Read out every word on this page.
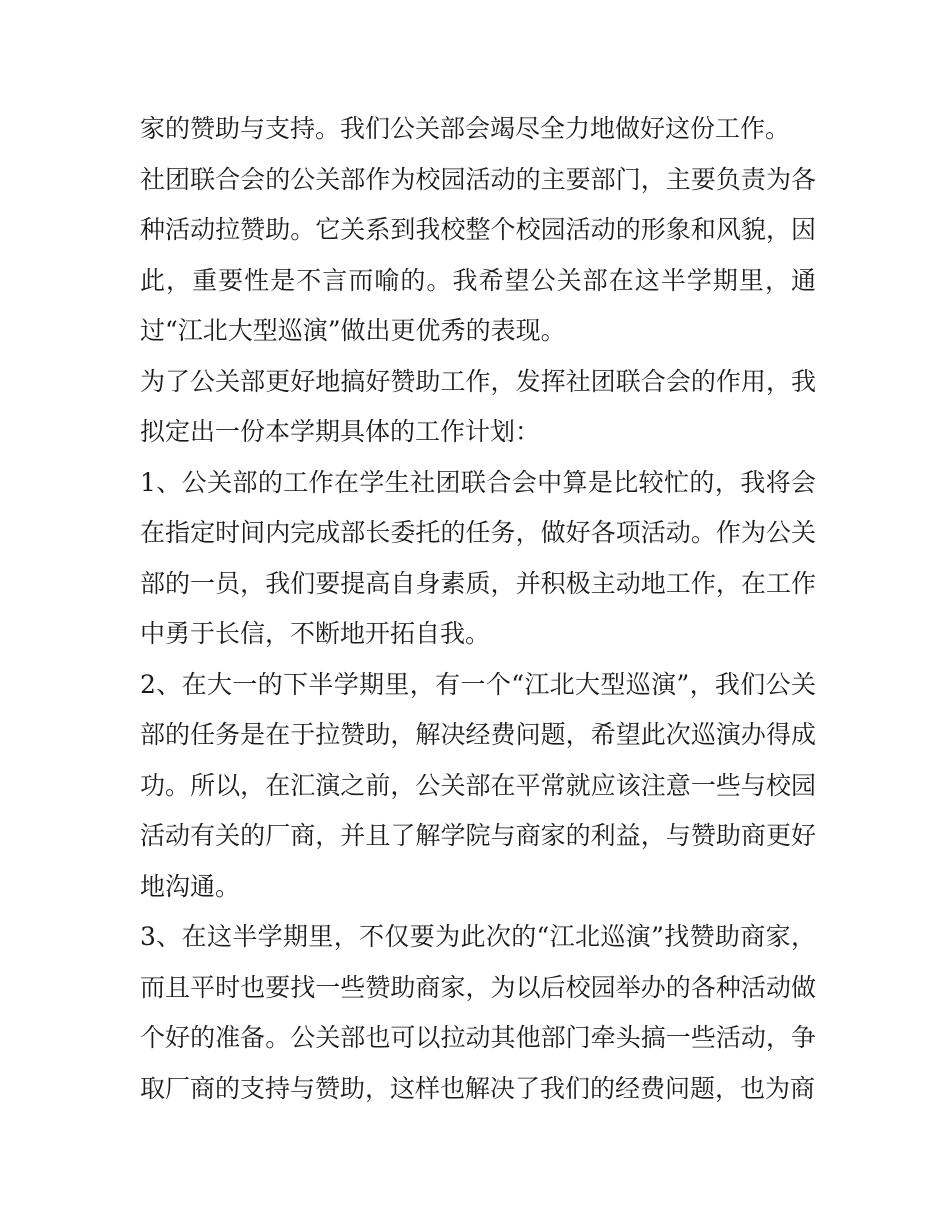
家的赞助与支持。我们公关部会竭尽全力地做好这份工作。

社团联合会的公关部作为校园活动的主要部门，主要负责为各种活动拉赞助。它关系到我校整个校园活动的形象和风貌，因此，重要性是不言而喻的。我希望公关部在这半学期里，通过“江北大型巡演”做出更优秀的表现。

为了公关部更好地搞好赞助工作，发挥社团联合会的作用，我拟定出一份本学期具体的工作计划：

1、公关部的工作在学生社团联合会中算是比较忙的，我将会在指定时间内完成部长委托的任务，做好各项活动。作为公关部的一员，我们要提高自身素质，并积极主动地工作，在工作中勇于长信，不断地开拓自我。

2、在大一的下半学期里，有一个“江北大型巡演”，我们公关部的任务是在于拉赞助，解决经费问题，希望此次巡演办得成功。所以，在汇演之前，公关部在平常就应该注意一些与校园活动有关的厂商，并且了解学院与商家的利益，与赞助商更好地沟通。

3、在这半学期里，不仅要为此次的“江北巡演”找赞助商家，而且平时也要找一些赞助商家，为以后校园举办的各种活动做个好的准备。公关部也可以拉动其他部门牵头搞一些活动，争取厂商的支持与赞助，这样也解决了我们的经费问题，也为商
